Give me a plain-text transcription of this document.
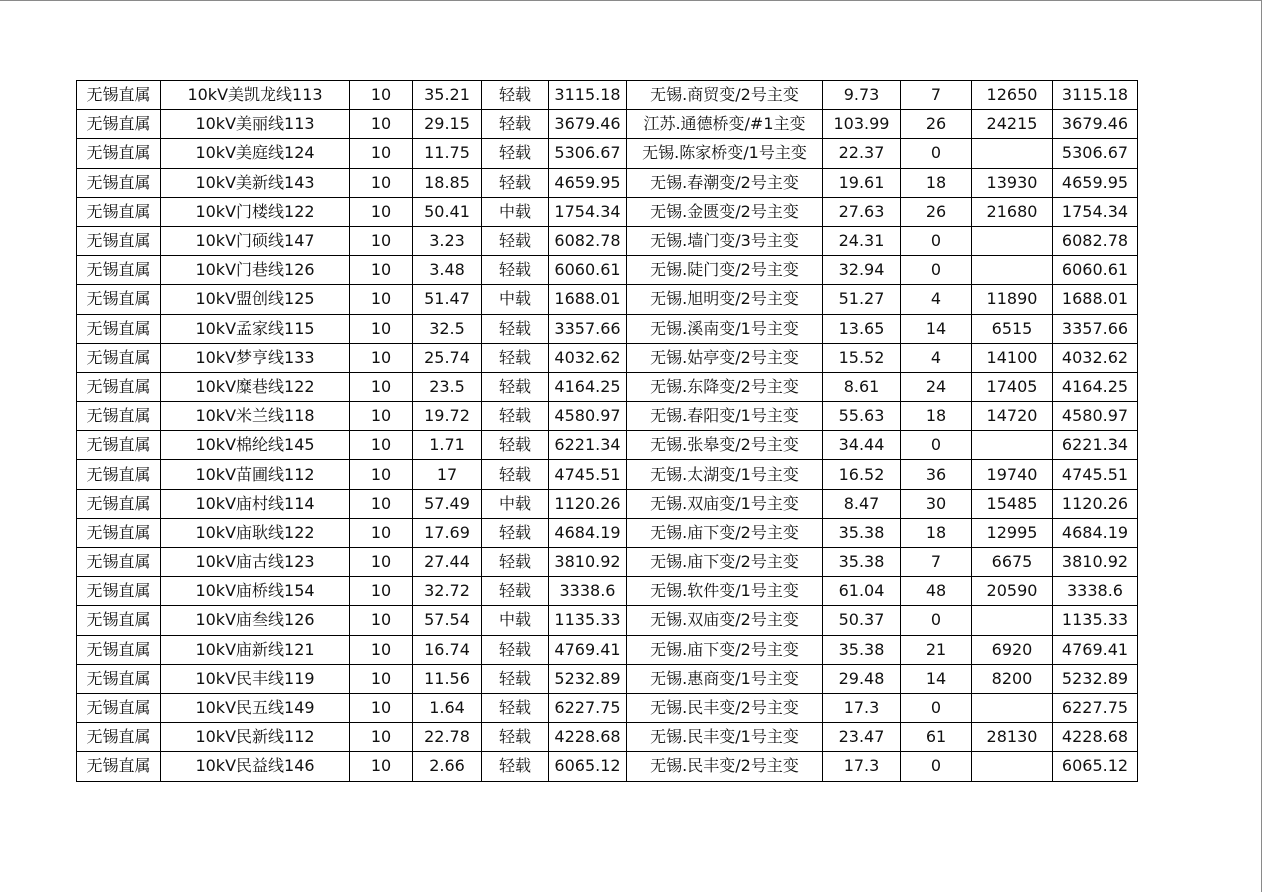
无锡直属	10kV美凯龙线113	10	35.21	轻载	3115.18	无锡.商贸变/2号主变	9.73	7	12650	3115.18
无锡直属	10kV美丽线113	10	29.15	轻载	3679.46	江苏.通德桥变/#1主变	103.99	26	24215	3679.46
无锡直属	10kV美庭线124	10	11.75	轻载	5306.67	无锡.陈家桥变/1号主变	22.37	0		5306.67
无锡直属	10kV美新线143	10	18.85	轻载	4659.95	无锡.春潮变/2号主变	19.61	18	13930	4659.95
无锡直属	10kV门楼线122	10	50.41	中载	1754.34	无锡.金匮变/2号主变	27.63	26	21680	1754.34
无锡直属	10kV门硕线147	10	3.23	轻载	6082.78	无锡.墙门变/3号主变	24.31	0		6082.78
无锡直属	10kV门巷线126	10	3.48	轻载	6060.61	无锡.陡门变/2号主变	32.94	0		6060.61
无锡直属	10kV盟创线125	10	51.47	中载	1688.01	无锡.旭明变/2号主变	51.27	4	11890	1688.01
无锡直属	10kV孟家线115	10	32.5	轻载	3357.66	无锡.溪南变/1号主变	13.65	14	6515	3357.66
无锡直属	10kV梦亨线133	10	25.74	轻载	4032.62	无锡.姑亭变/2号主变	15.52	4	14100	4032.62
无锡直属	10kV糜巷线122	10	23.5	轻载	4164.25	无锡.东降变/2号主变	8.61	24	17405	4164.25
无锡直属	10kV米兰线118	10	19.72	轻载	4580.97	无锡.春阳变/1号主变	55.63	18	14720	4580.97
无锡直属	10kV棉纶线145	10	1.71	轻载	6221.34	无锡.张皋变/2号主变	34.44	0		6221.34
无锡直属	10kV苗圃线112	10	17	轻载	4745.51	无锡.太湖变/1号主变	16.52	36	19740	4745.51
无锡直属	10kV庙村线114	10	57.49	中载	1120.26	无锡.双庙变/1号主变	8.47	30	15485	1120.26
无锡直属	10kV庙耿线122	10	17.69	轻载	4684.19	无锡.庙下变/2号主变	35.38	18	12995	4684.19
无锡直属	10kV庙古线123	10	27.44	轻载	3810.92	无锡.庙下变/2号主变	35.38	7	6675	3810.92
无锡直属	10kV庙桥线154	10	32.72	轻载	3338.6	无锡.软件变/1号主变	61.04	48	20590	3338.6
无锡直属	10kV庙叁线126	10	57.54	中载	1135.33	无锡.双庙变/2号主变	50.37	0		1135.33
无锡直属	10kV庙新线121	10	16.74	轻载	4769.41	无锡.庙下变/2号主变	35.38	21	6920	4769.41
无锡直属	10kV民丰线119	10	11.56	轻载	5232.89	无锡.惠商变/1号主变	29.48	14	8200	5232.89
无锡直属	10kV民五线149	10	1.64	轻载	6227.75	无锡.民丰变/2号主变	17.3	0		6227.75
无锡直属	10kV民新线112	10	22.78	轻载	4228.68	无锡.民丰变/1号主变	23.47	61	28130	4228.68
无锡直属	10kV民益线146	10	2.66	轻载	6065.12	无锡.民丰变/2号主变	17.3	0		6065.12
